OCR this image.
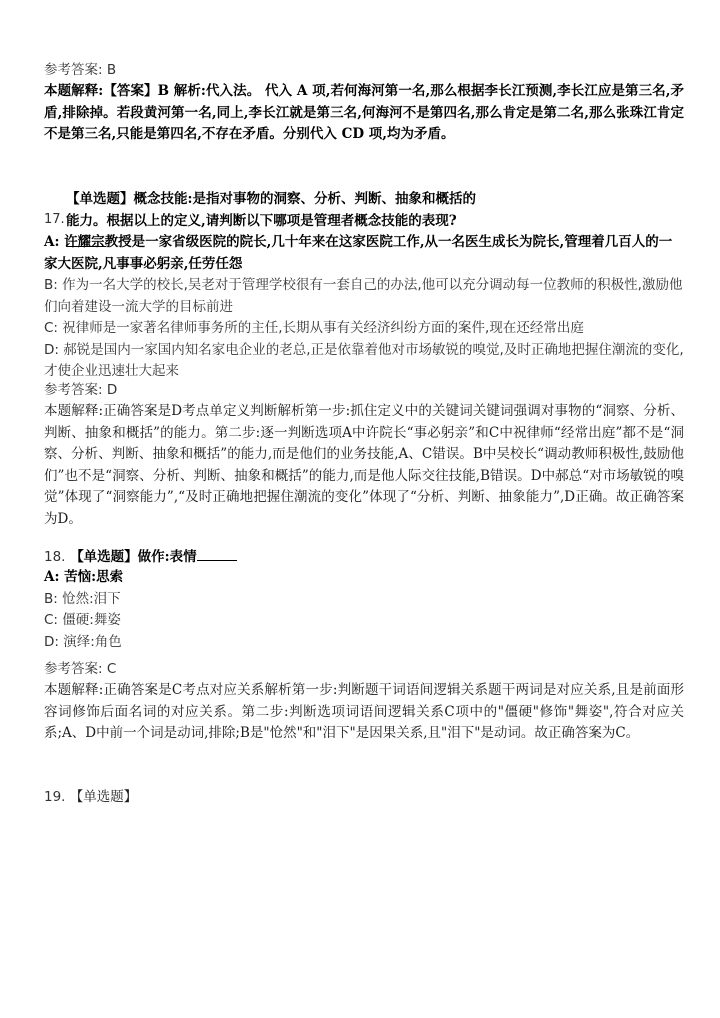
参考答案: B
本题解释:【答案】B 解析:代入法。 代入 A 项,若何海河第一名,那么根据李长江预测,李长江应是第三名,矛盾,排除掉。若段黄河第一名,同上,李长江就是第三名,何海河不是第四名,那么肯定是第二名,那么张珠江肯定不是第三名,只能是第四名,不存在矛盾。分别代入 CD 项,均为矛盾。
17.
【单选题】概念技能:是指对事物的洞察、分析、判断、抽象和概括的能力。根据以上的定义,请判断以下哪项是管理者概念技能的表现?
A: 许耀宗教授是一家省级医院的院长,几十年来在这家医院工作,从一名医生成长为院长,管理着几百人的一家大医院,凡事事必躬亲,任劳任怨
B: 作为一名大学的校长,吴老对于管理学校很有一套自己的办法,他可以充分调动每一位教师的积极性,激励他们向着建设一流大学的目标前进
C: 祝律师是一家著名律师事务所的主任,长期从事有关经济纠纷方面的案件,现在还经常出庭
D: 郝锐是国内一家国内知名家电企业的老总,正是依靠着他对市场敏锐的嗅觉,及时正确地把握住潮流的变化,才使企业迅速壮大起来
参考答案: D
本题解释:正确答案是D考点单定义判断解析第一步:抓住定义中的关键词关键词强调对事物的“洞察、分析、判断、抽象和概括”的能力。第二步:逐一判断选项A中许院长“事必躬亲”和C中祝律师“经常出庭”都不是“洞察、分析、判断、抽象和概括”的能力,而是他们的业务技能,A、C错误。B中吴校长“调动教师积极性,鼓励他们”也不是“洞察、分析、判断、抽象和概括”的能力,而是他人际交往技能,B错误。D中郝总“对市场敏锐的嗅觉”体现了“洞察能力”,“及时正确地把握住潮流的变化”体现了“分析、判断、抽象能力”,D正确。故正确答案为D。
18. 【单选题】做作:表情
A: 苦恼:思索
B: 怆然:泪下
C: 僵硬:舞姿
D: 演绎:角色
参考答案: C
本题解释:正确答案是C考点对应关系解析第一步:判断题干词语间逻辑关系题干两词是对应关系,且是前面形容词修饰后面名词的对应关系。第二步:判断选项词语间逻辑关系C项中的"僵硬"修饰"舞姿",符合对应关系;A、D中前一个词是动词,排除;B是"怆然"和"泪下"是因果关系,且"泪下"是动词。故正确答案为C。
19. 【单选题】
